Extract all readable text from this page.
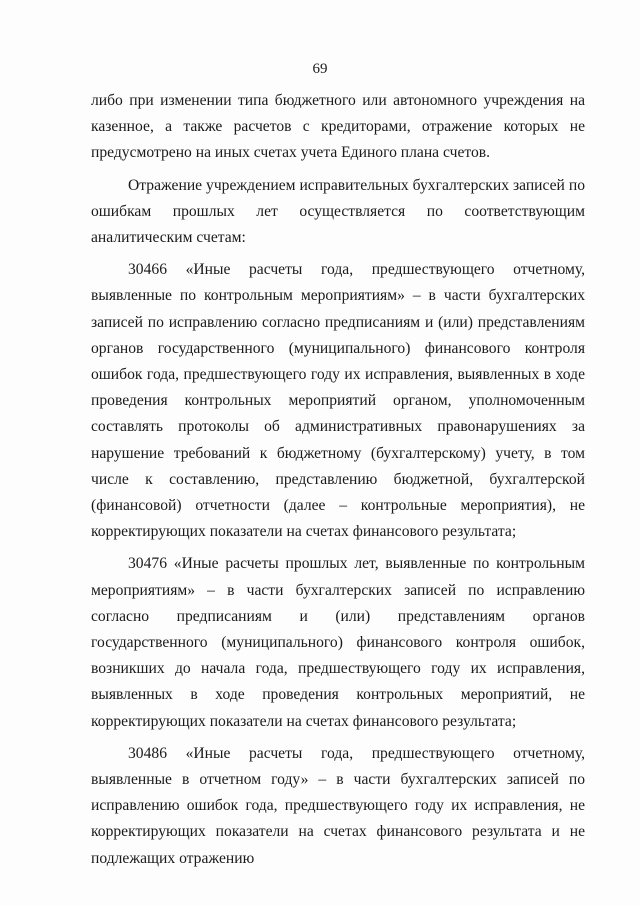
69

либо при изменении типа бюджетного или автономного учреждения на казенное, а также расчетов с кредиторами, отражение которых не предусмотрено на иных счетах учета Единого плана счетов.

Отражение учреждением исправительных бухгалтерских записей по ошибкам прошлых лет осуществляется по соответствующим аналитическим счетам:

30466 «Иные расчеты года, предшествующего отчетному, выявленные по контрольным мероприятиям» – в части бухгалтерских записей по исправлению согласно предписаниям и (или) представлениям органов государственного (муниципального) финансового контроля ошибок года, предшествующего году их исправления, выявленных в ходе проведения контрольных мероприятий органом, уполномоченным составлять протоколы об административных правонарушениях за нарушение требований к бюджетному (бухгалтерскому) учету, в том числе к составлению, представлению бюджетной, бухгалтерской (финансовой) отчетности (далее – контрольные мероприятия), не корректирующих показатели на счетах финансового результата;

30476 «Иные расчеты прошлых лет, выявленные по контрольным мероприятиям» – в части бухгалтерских записей по исправлению согласно предписаниям и (или) представлениям органов государственного (муниципального) финансового контроля ошибок, возникших до начала года, предшествующего году их исправления, выявленных в ходе проведения контрольных мероприятий, не корректирующих показатели на счетах финансового результата;

30486 «Иные расчеты года, предшествующего отчетному, выявленные в отчетном году» – в части бухгалтерских записей по исправлению ошибок года, предшествующего году их исправления, не корректирующих показатели на счетах финансового результата и не подлежащих отражению
